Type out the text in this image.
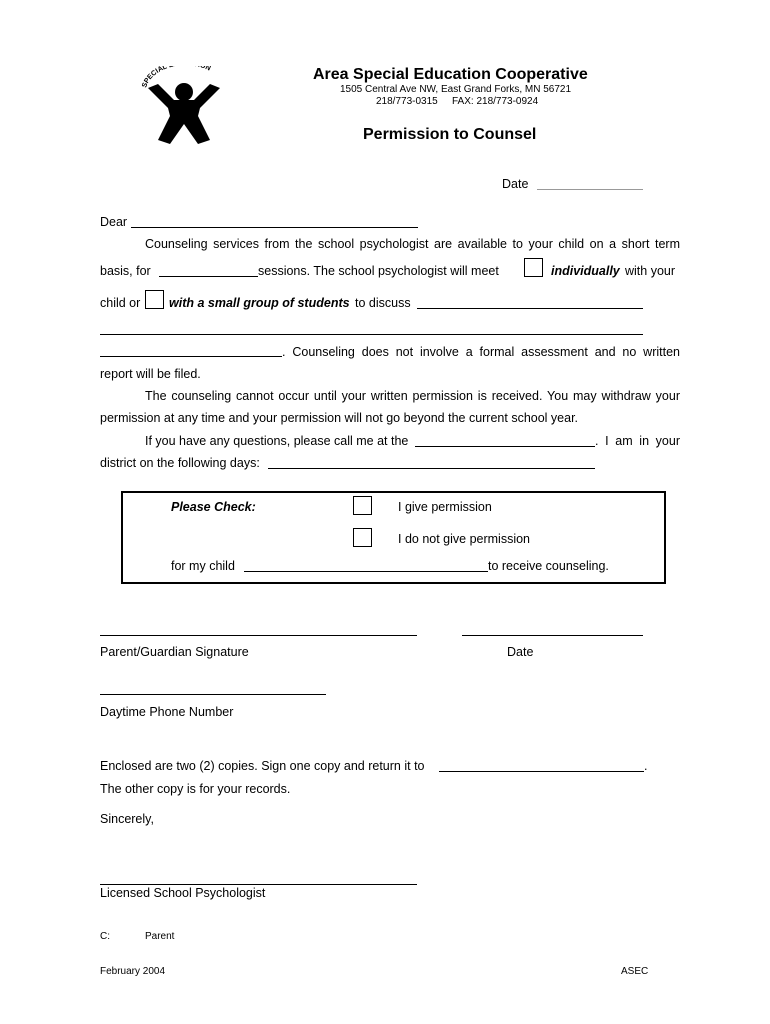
SPECIAL ON	Area Special Education Cooperative
1505 Central Ave NW, East Grand Forks, MN 56721
218/773-0315 FAX: 218/773-0924
Permission to Counsel
Date
Dear
Counseling services from the school psychologist are available to your child on a short term
basis, for	sessions. The school psychologist will meet	individually with your
child or with a small group of students to discuss
. Counseling does not involve a formal assessment and no written
report will be filed.
The counseling cannot occur until your written permission is received. You may withdraw your
permission at any time and your permission will not go beyond the current school year.
If you have any questions, please call me at the	. I am in your
district on the following days:
Please Check:	I give permission
I do not give permission
for my child	to receive counseling.
Parent/Guardian Signature	Date
Daytime Phone Number
Enclosed are two (2) copies. Sign one copy and return it to	.
The other copy is for your records.
Sincerely,
Licensed School Psychologist
C:	Parent
February 2004	ASEC
